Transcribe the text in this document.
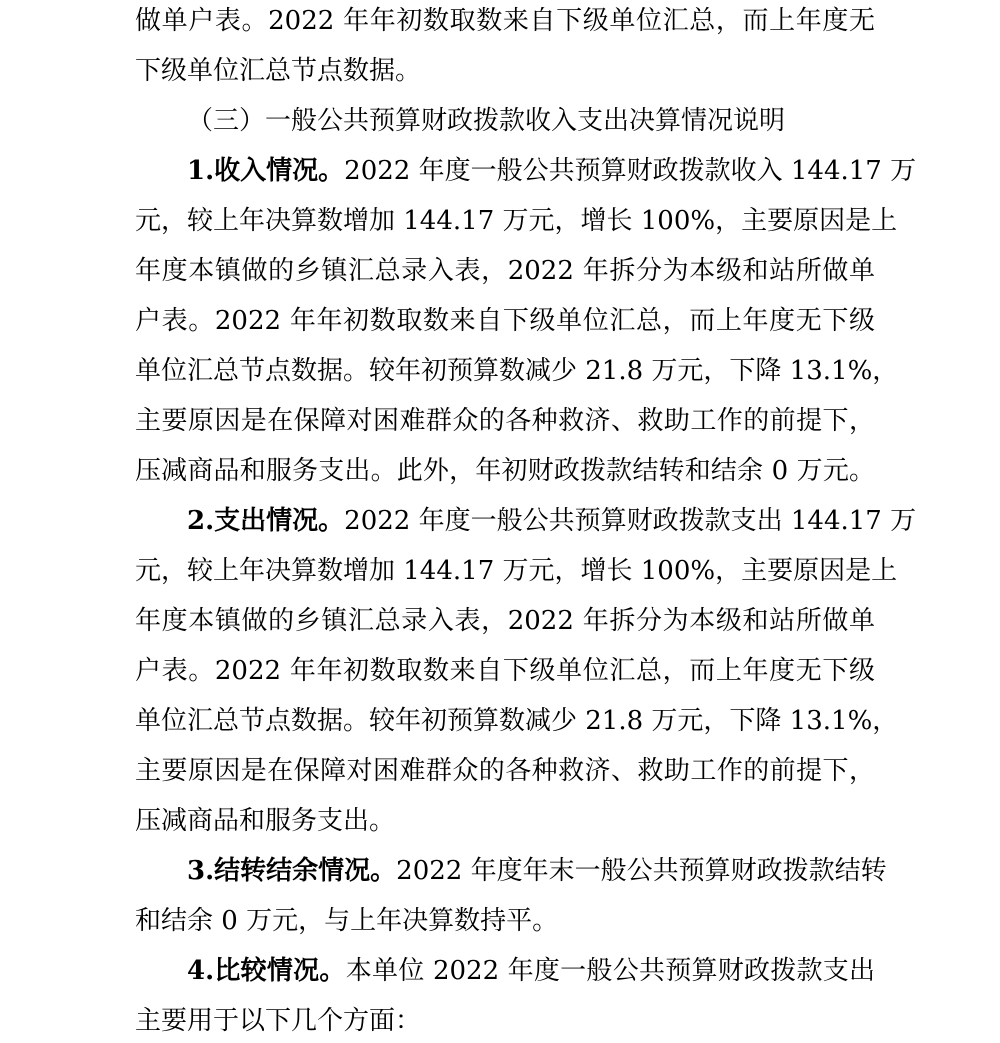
做单户表。2022 年年初数取数来自下级单位汇总，而上年度无
下级单位汇总节点数据。
（三）一般公共预算财政拨款收入支出决算情况说明
1.收入情况。2022 年度一般公共预算财政拨款收入 144.17 万
元，较上年决算数增加 144.17 万元，增长 100%，主要原因是上
年度本镇做的乡镇汇总录入表，2022 年拆分为本级和站所做单
户表。2022 年年初数取数来自下级单位汇总，而上年度无下级
单位汇总节点数据。较年初预算数减少 21.8 万元，下降 13.1%，
主要原因是在保障对困难群众的各种救济、救助工作的前提下，
压减商品和服务支出。此外，年初财政拨款结转和结余 0 万元。
2.支出情况。2022 年度一般公共预算财政拨款支出 144.17 万
元，较上年决算数增加 144.17 万元，增长 100%，主要原因是上
年度本镇做的乡镇汇总录入表，2022 年拆分为本级和站所做单
户表。2022 年年初数取数来自下级单位汇总，而上年度无下级
单位汇总节点数据。较年初预算数减少 21.8 万元，下降 13.1%，
主要原因是在保障对困难群众的各种救济、救助工作的前提下，
压减商品和服务支出。
3.结转结余情况。2022 年度年末一般公共预算财政拨款结转
和结余 0 万元，与上年决算数持平。
4.比较情况。本单位 2022 年度一般公共预算财政拨款支出
主要用于以下几个方面：
